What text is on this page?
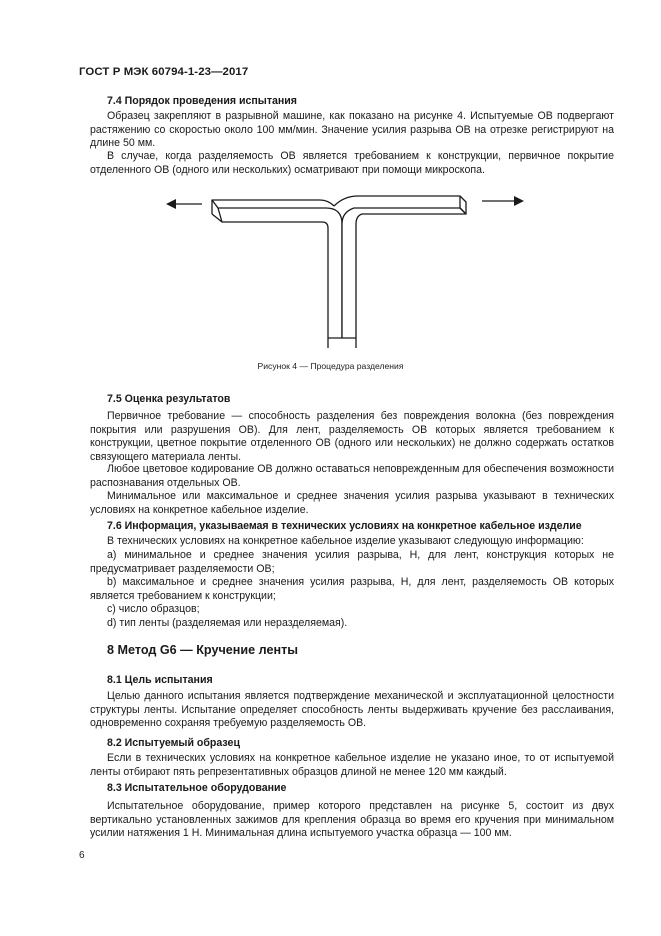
ГОСТ Р МЭК 60794-1-23—2017
7.4 Порядок проведения испытания

Образец закрепляют в разрывной машине, как показано на рисунке 4. Испытуемые ОВ подвергают растяжению со скоростью около 100 мм/мин. Значение усилия разрыва ОВ на отрезке регистрируют на длине 50 мм.

В случае, когда разделяемость ОВ является требованием к конструкции, первичное покрытие отделенного ОВ (одного или нескольких) осматривают при помощи микроскопа.

Рисунок 4 — Процедура разделения
7.5 Оценка результатов

Первичное требование — способность разделения без повреждения волокна (без повреждения покрытия или разрушения ОВ). Для лент, разделяемость ОВ которых является требованием к конструкции, цветное покрытие отделенного ОВ (одного или нескольких) не должно содержать остатков связующего материала ленты.

Любое цветовое кодирование ОВ должно оставаться неповрежденным для обеспечения возможности распознавания отдельных ОВ.

Минимальное или максимальное и среднее значения усилия разрыва указывают в технических условиях на конкретное кабельное изделие.

7.6 Информация, указываемая в технических условиях на конкретное кабельное изделие

В технических условиях на конкретное кабельное изделие указывают следующую информацию:

а) минимальное и среднее значения усилия разрыва, Н, для лент, конструкция которых не предусматривает разделяемости ОВ;

b) максимальное и среднее значения усилия разрыва, Н, для лент, разделяемость ОВ которых является требованием к конструкции;

с) число образцов;

d) тип ленты (разделяемая или неразделяемая).

8 Метод G6 — Кручение ленты
8.1 Цель испытания

Целью данного испытания является подтверждение механической и эксплуатационной целостности структуры ленты. Испытание определяет способность ленты выдерживать кручение без расслаивания, одновременно сохраняя требуемую разделяемость ОВ.

8.2 Испытуемый образец

Если в технических условиях на конкретное кабельное изделие не указано иное, то от испытуемой ленты отбирают пять репрезентативных образцов длиной не менее 120 мм каждый.

8.3 Испытательное оборудование

Испытательное оборудование, пример которого представлен на рисунке 5, состоит из двух вертикально установленных зажимов для крепления образца во время его кручения при минимальном усилии натяжения 1 Н. Минимальная длина испытуемого участка образца — 100 мм.

6
